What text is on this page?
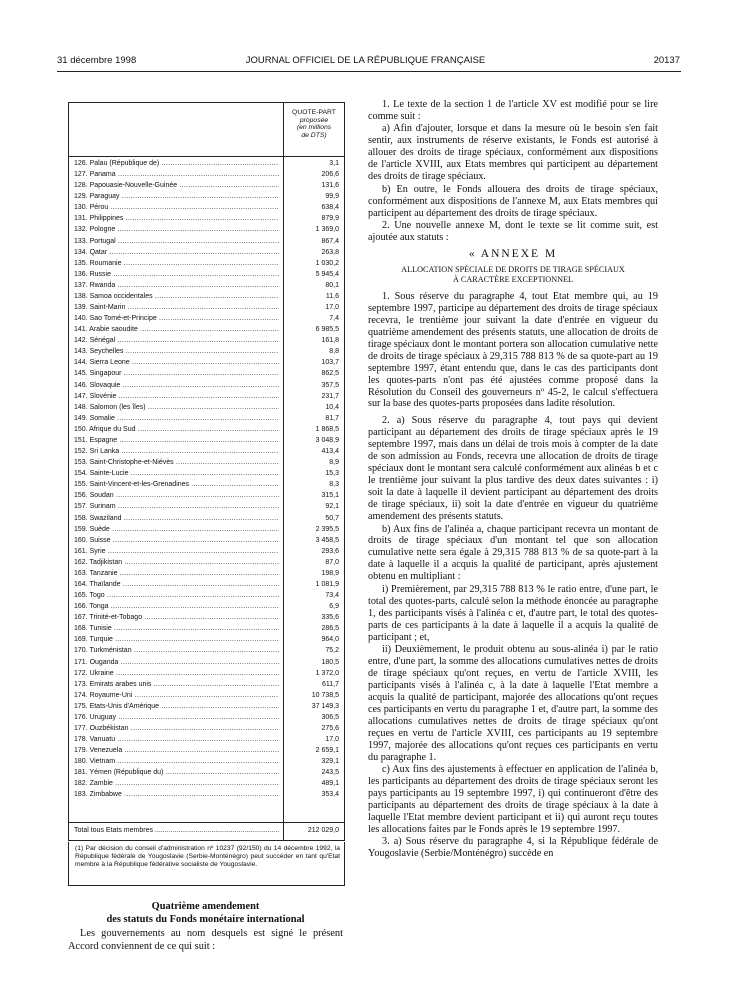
31 décembre 1998	JOURNAL OFFICIEL DE LA RÉPUBLIQUE FRANÇAISE	20137
QUOTE-PART
proposée
(en millions
de DTS)
126. Palau (République de) .....	3,1
127. Panama .....	206,6
128. Papouasie-Nouvelle-Guinée .....	131,6
129. Paraguay .....	99,9
130. Pérou .....	638,4
131. Philippines .....	879,9
132. Pologne .....	1 369,0
133. Portugal .....	867,4
134. Qatar .....	263,8
135. Roumanie .....	1 030,2
136. Russie .....	5 945,4
137. Rwanda .....	80,1
138. Samoa occidentales .....	11,6
139. Saint-Marin .....	17,0
140. Sao Tomé-et-Principe .....	7,4
141. Arabie saoudite .....	6 985,5
142. Sénégal .....	161,8
143. Seychelles .....	8,8
144. Sierra Leone .....	103,7
145. Singapour .....	862,5
146. Slovaquie .....	357,5
147. Slovénie .....	231,7
148. Salomon (les îles) .....	10,4
149. Somalie .....	81,7
150. Afrique du Sud .....	1 868,5
151. Espagne .....	3 048,9
152. Sri Lanka .....	413,4
153. Saint-Christophe-et-Niévès .....	8,9
154. Sainte-Lucie .....	15,3
155. Saint-Vincent-et-les-Grenadines .....	8,3
156. Soudan .....	315,1
157. Surinam .....	92,1
158. Swaziland .....	50,7
159. Suède .....	2 395,5
160. Suisse .....	3 458,5
161. Syrie .....	293,6
162. Tadjikistan .....	87,0
163. Tanzanie .....	198,9
164. Thaïlande .....	1 081,9
165. Togo .....	73,4
166. Tonga .....	6,9
167. Trinité-et-Tobago .....	335,6
168. Tunisie .....	286,5
169. Turquie .....	964,0
170. Turkménistan .....	75,2
171. Ouganda .....	180,5
172. Ukraine .....	1 372,0
173. Emirats arabes unis .....	611,7
174. Royaume-Uni .....	10 738,5
175. Etats-Unis d'Amérique .....	37 149,3
176. Uruguay .....	306,5
177. Ouzbékistan .....	275,6
178. Vanuatu .....	17,0
179. Venezuela .....	2 659,1
180. Vietnam .....	329,1
181. Yémen (République du) .....	243,5
182. Zambie .....	489,1
183. Zimbabwe .....	353,4
Total tous Etats membres .....	212 029,0

(1) Par décision du conseil d'administration nº 10237 (92/150) du 14 décembre 1992, la République fédérale de Yougoslavie (Serbie-Monténégro) peut succéder en tant qu'Etat membre à la République fédérative socialiste de Yougoslavie.

Quatrième amendement
des statuts du Fonds monétaire international
Les gouvernements au nom desquels est signé le présent Accord conviennent de ce qui suit :

1. Le texte de la section 1 de l'article XV est modifié pour se lire comme suit :

a) Afin d'ajouter, lorsque et dans la mesure où le besoin s'en fait sentir, aux instruments de réserve existants, le Fonds est autorisé à allouer des droits de tirage spéciaux, conformément aux dispositions de l'article XVIII, aux Etats membres qui participent au département des droits de tirage spéciaux.

b) En outre, le Fonds allouera des droits de tirage spéciaux, conformément aux dispositions de l'annexe M, aux Etats membres qui participent au département des droits de tirage spéciaux.

2. Une nouvelle annexe M, dont le texte se lit comme suit, est ajoutée aux statuts :

« ANNEXE M

ALLOCATION SPÉCIALE DE DROITS DE TIRAGE SPÉCIAUX
À CARACTÈRE EXCEPTIONNEL

1. Sous réserve du paragraphe 4, tout Etat membre qui, au 19 septembre 1997, participe au département des droits de tirage spéciaux recevra, le trentième jour suivant la date d'entrée en vigueur du quatrième amendement des présents statuts, une allocation de droits de tirage spéciaux dont le montant portera son allocation cumulative nette de droits de tirage spéciaux à 29,315 788 813 % de sa quote-part au 19 septembre 1997, étant entendu que, dans le cas des participants dont les quotes-parts n'ont pas été ajustées comme proposé dans la Résolution du Conseil des gouverneurs nº 45-2, le calcul s'effectuera sur la base des quotes-parts proposées dans ladite résolution.

2. a) Sous réserve du paragraphe 4, tout pays qui devient participant au département des droits de tirage spéciaux après le 19 septembre 1997, mais dans un délai de trois mois à compter de la date de son admission au Fonds, recevra une allocation de droits de tirage spéciaux dont le montant sera calculé conformément aux alinéas b et c le trentième jour suivant la plus tardive des deux dates suivantes : i) soit la date à laquelle il devient participant au département des droits de tirage spéciaux, ii) soit la date d'entrée en vigueur du quatrième amendement des présents statuts.

b) Aux fins de l'alinéa a, chaque participant recevra un montant de droits de tirage spéciaux d'un montant tel que son allocation cumulative nette sera égale à 29,315 788 813 % de sa quote-part à la date à laquelle il a acquis la qualité de participant, après ajustement obtenu en multipliant :

i) Premièrement, par 29,315 788 813 % le ratio entre, d'une part, le total des quotes-parts, calculé selon la méthode énoncée au paragraphe 1, des participants visés à l'alinéa c et, d'autre part, le total des quotes-parts de ces participants à la date à laquelle il a acquis la qualité de participant ; et,

ii) Deuxièmement, le produit obtenu au sous-alinéa i) par le ratio entre, d'une part, la somme des allocations cumulatives nettes de droits de tirage spéciaux qu'ont reçues, en vertu de l'article XVIII, les participants visés à l'alinéa c, à la date à laquelle l'Etat membre a acquis la qualité de participant, majorée des allocations qu'ont reçues ces participants en vertu du paragraphe 1 et, d'autre part, la somme des allocations cumulatives nettes de droits de tirage spéciaux qu'ont reçues en vertu de l'article XVIII, ces participants au 19 septembre 1997, majorée des allocations qu'ont reçues ces participants en vertu du paragraphe 1.

c) Aux fins des ajustements à effectuer en application de l'alinéa b, les participants au département des droits de tirage spéciaux seront les pays participants au 19 septembre 1997, i) qui continueront d'être des participants au département des droits de tirage spéciaux à la date à laquelle l'Etat membre devient participant et ii) qui auront reçu toutes les allocations faites par le Fonds après le 19 septembre 1997.

3. a) Sous réserve du paragraphe 4, si la République fédérale de Yougoslavie (Serbie/Monténégro) succède en
